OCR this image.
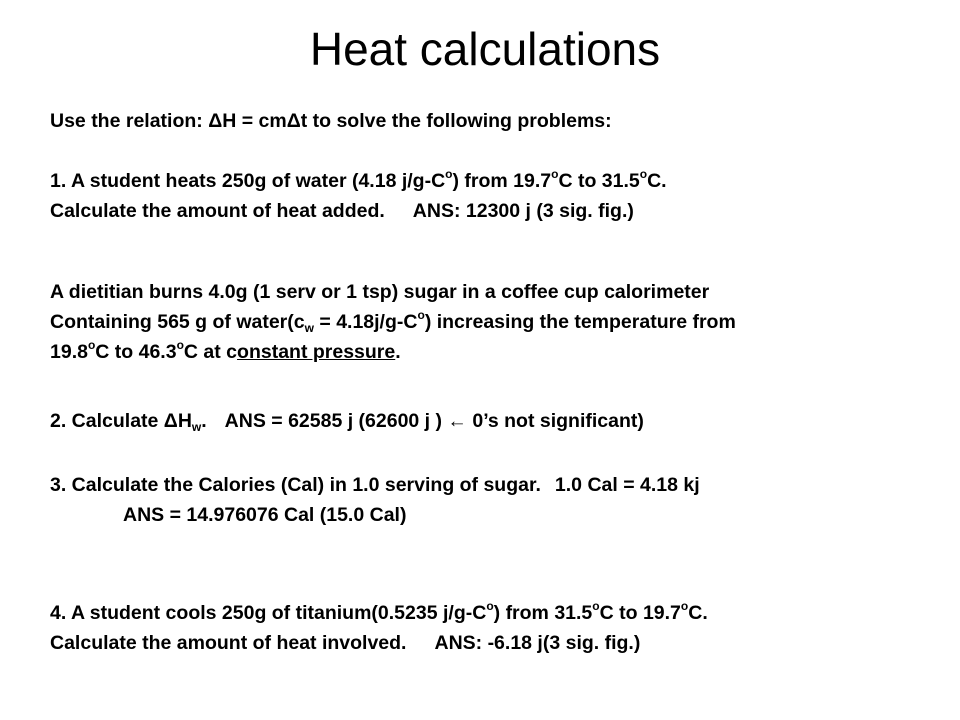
Heat calculations
Use the relation: ΔH = cmΔt to solve the following problems:
1. A student heats 250g of water (4.18 $j/g-C^o$) from 19.7$^o$C to 31.5$^o$C.
Calculate the amount of heat added. ANS: 12300 j (3 sig. fig.)
A dietitian burns 4.0g (1 serv or 1 tsp) sugar in a coffee cup calorimeter
Containing 565 g of $water(c_w = 4.18j/g-C^o)$ increasing the temperature from
19.8$^o$C to 46.3$^o$C at constant pressure.
2. Calculate $\Delta H_w$. ANS = 62585 j (62600 j ) ← 0’s not significant)
3. Calculate the Calories (Cal) in 1.0 serving of sugar. 1.0 Cal = 4.18 kj
ANS = 14.976076 Cal (15.0 Cal)
4. A student cools 250g of titanium(0.5235 $j/g-C^o$) from 31.5$^o$C to 19.7$^o$C.
Calculate the amount of heat involved. ANS: -6.18 j(3 sig. fig.)
